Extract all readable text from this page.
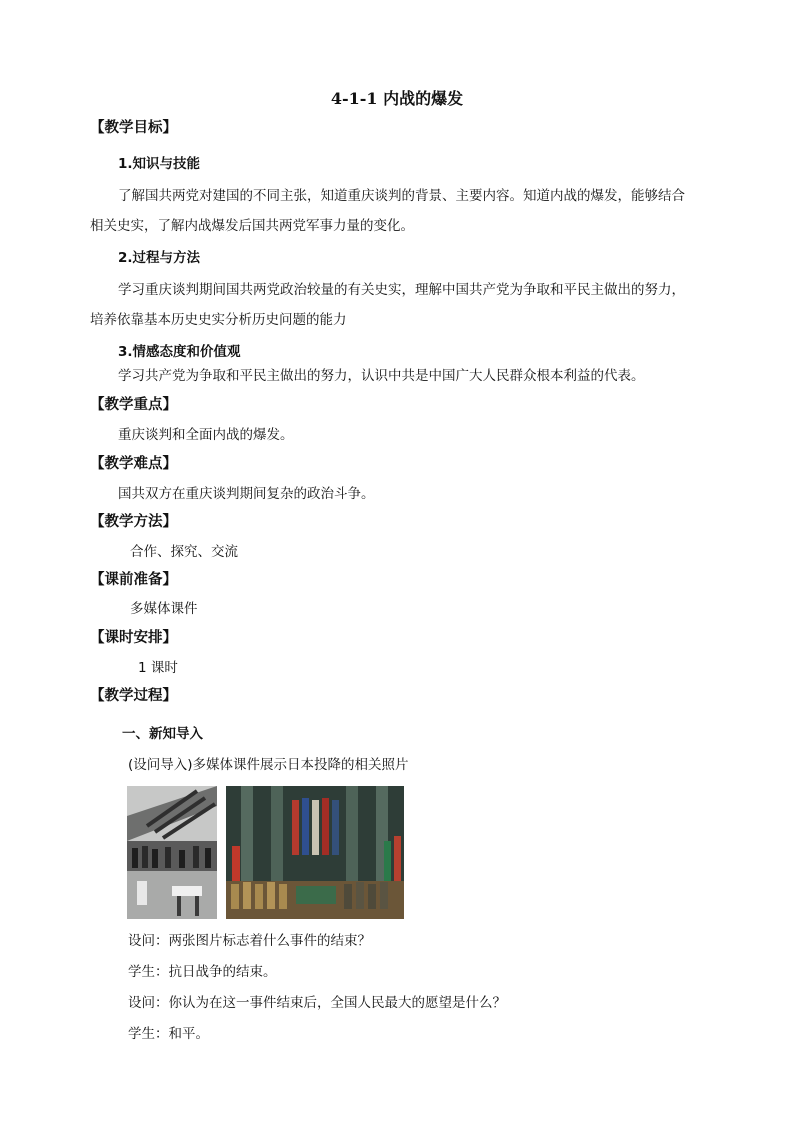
4-1-1 内战的爆发
【教学目标】
1.知识与技能
了解国共两党对建国的不同主张，知道重庆谈判的背景、主要内容。知道内战的爆发，能够结合
相关史实，了解内战爆发后国共两党军事力量的变化。
2.过程与方法
学习重庆谈判期间国共两党政治较量的有关史实，理解中国共产党为争取和平民主做出的努力，
培养依靠基本历史史实分析历史问题的能力
3.情感态度和价值观
学习共产党为争取和平民主做出的努力，认识中共是中国广大人民群众根本利益的代表。
【教学重点】
重庆谈判和全面内战的爆发。
【教学难点】
国共双方在重庆谈判期间复杂的政治斗争。
【教学方法】
合作、探究、交流
【课前准备】
多媒体课件
【课时安排】
1 课时
【教学过程】
一、新知导入
(设问导入)多媒体课件展示日本投降的相关照片
设问：两张图片标志着什么事件的结束？
学生：抗日战争的结束。
设问：你认为在这一事件结束后，全国人民最大的愿望是什么？
学生：和平。
